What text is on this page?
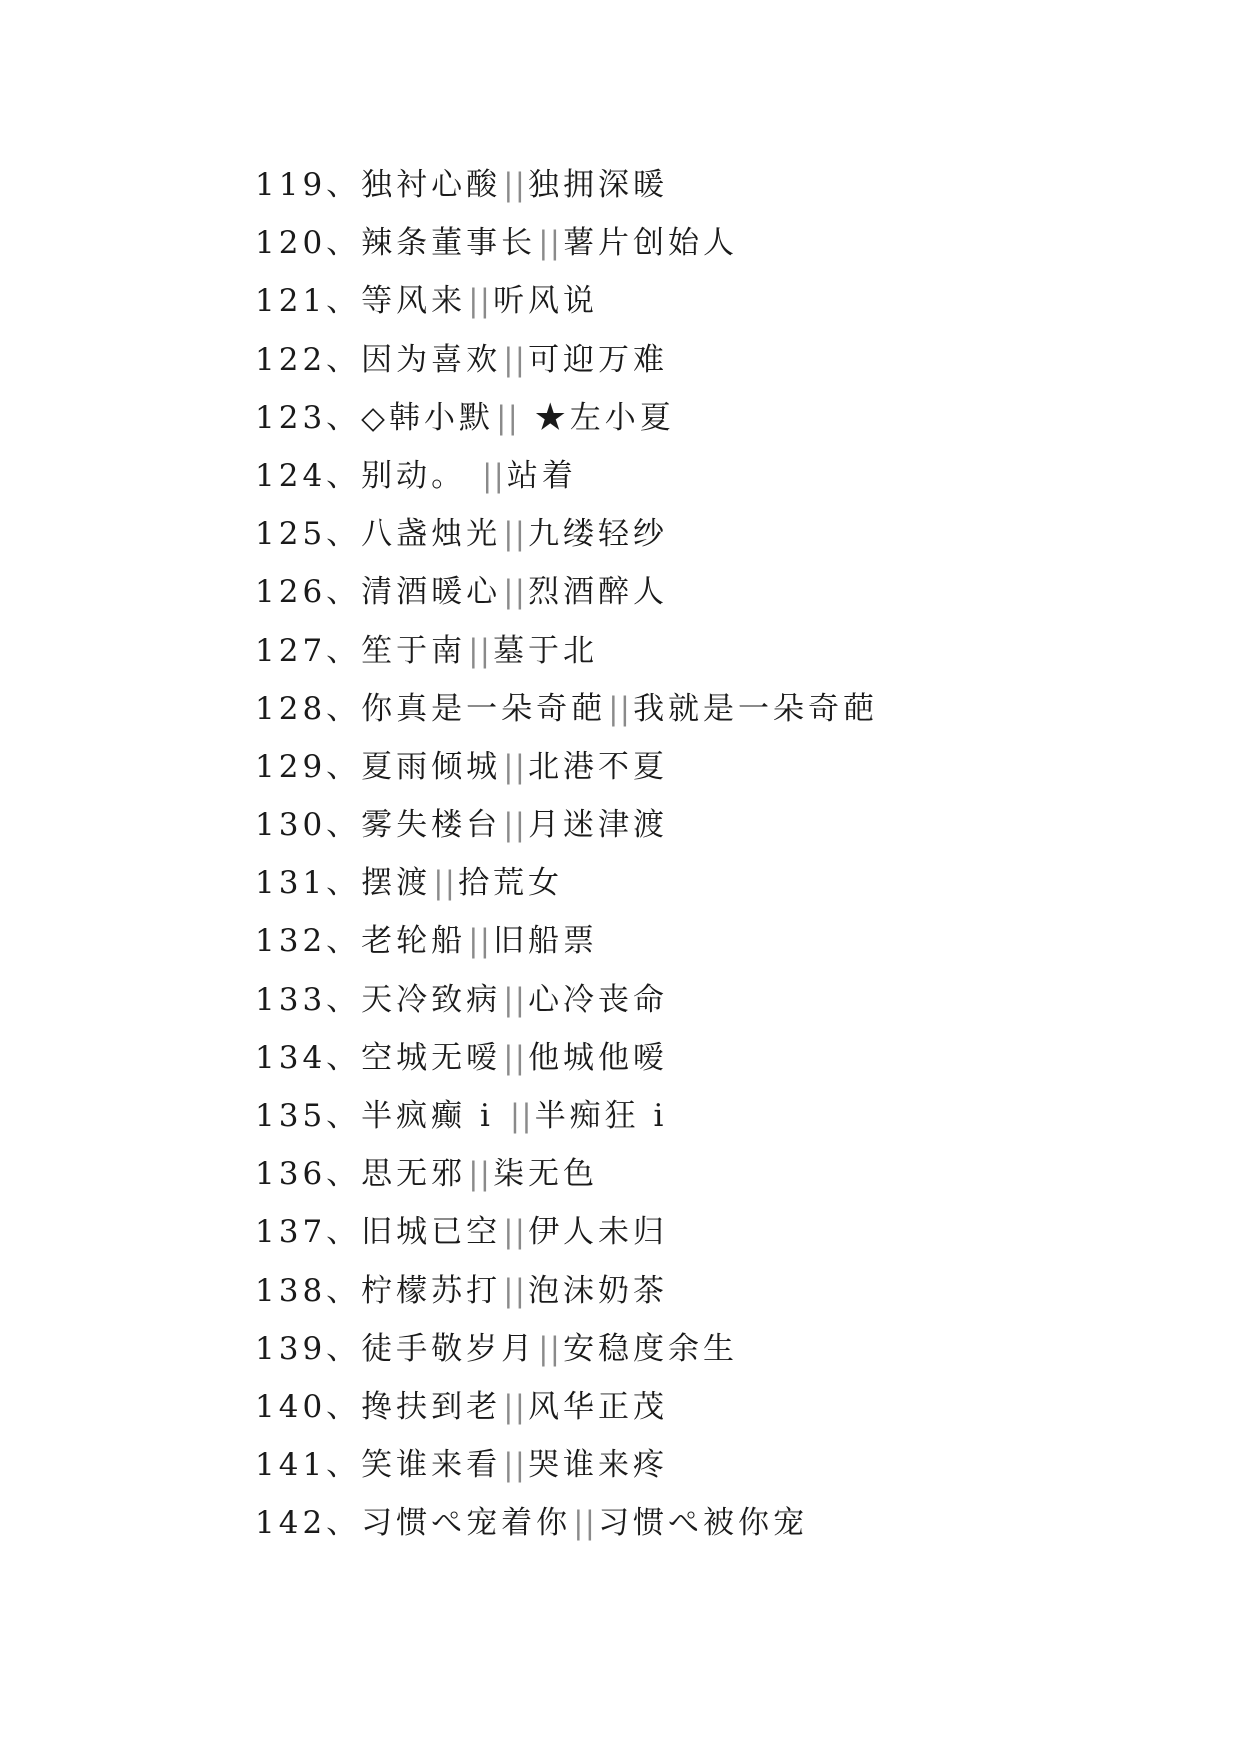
119、独衬心酸||独拥深暖
120、辣条董事长||薯片创始人
121、等风来||听风说
122、因为喜欢||可迎万难
123、◇韩小默|| ★左小夏
124、别动。 ||站着
125、八盏烛光||九缕轻纱
126、清酒暖心||烈酒醉人
127、笙于南||墓于北
128、你真是一朵奇葩||我就是一朵奇葩
129、夏雨倾城||北港不夏
130、雾失楼台||月迷津渡
131、摆渡||拾荒女
132、老轮船||旧船票
133、天冷致病||心冷丧命
134、空城无嗳||他城他嗳
135、半疯癫 i ||半痴狂 i
136、思无邪||柒无色
137、旧城已空||伊人未归
138、柠檬苏打||泡沫奶茶
139、徒手敬岁月||安稳度余生
140、搀扶到老||风华正茂
141、笑谁来看||哭谁来疼
142、习惯ぺ宠着你||习惯ぺ被你宠
